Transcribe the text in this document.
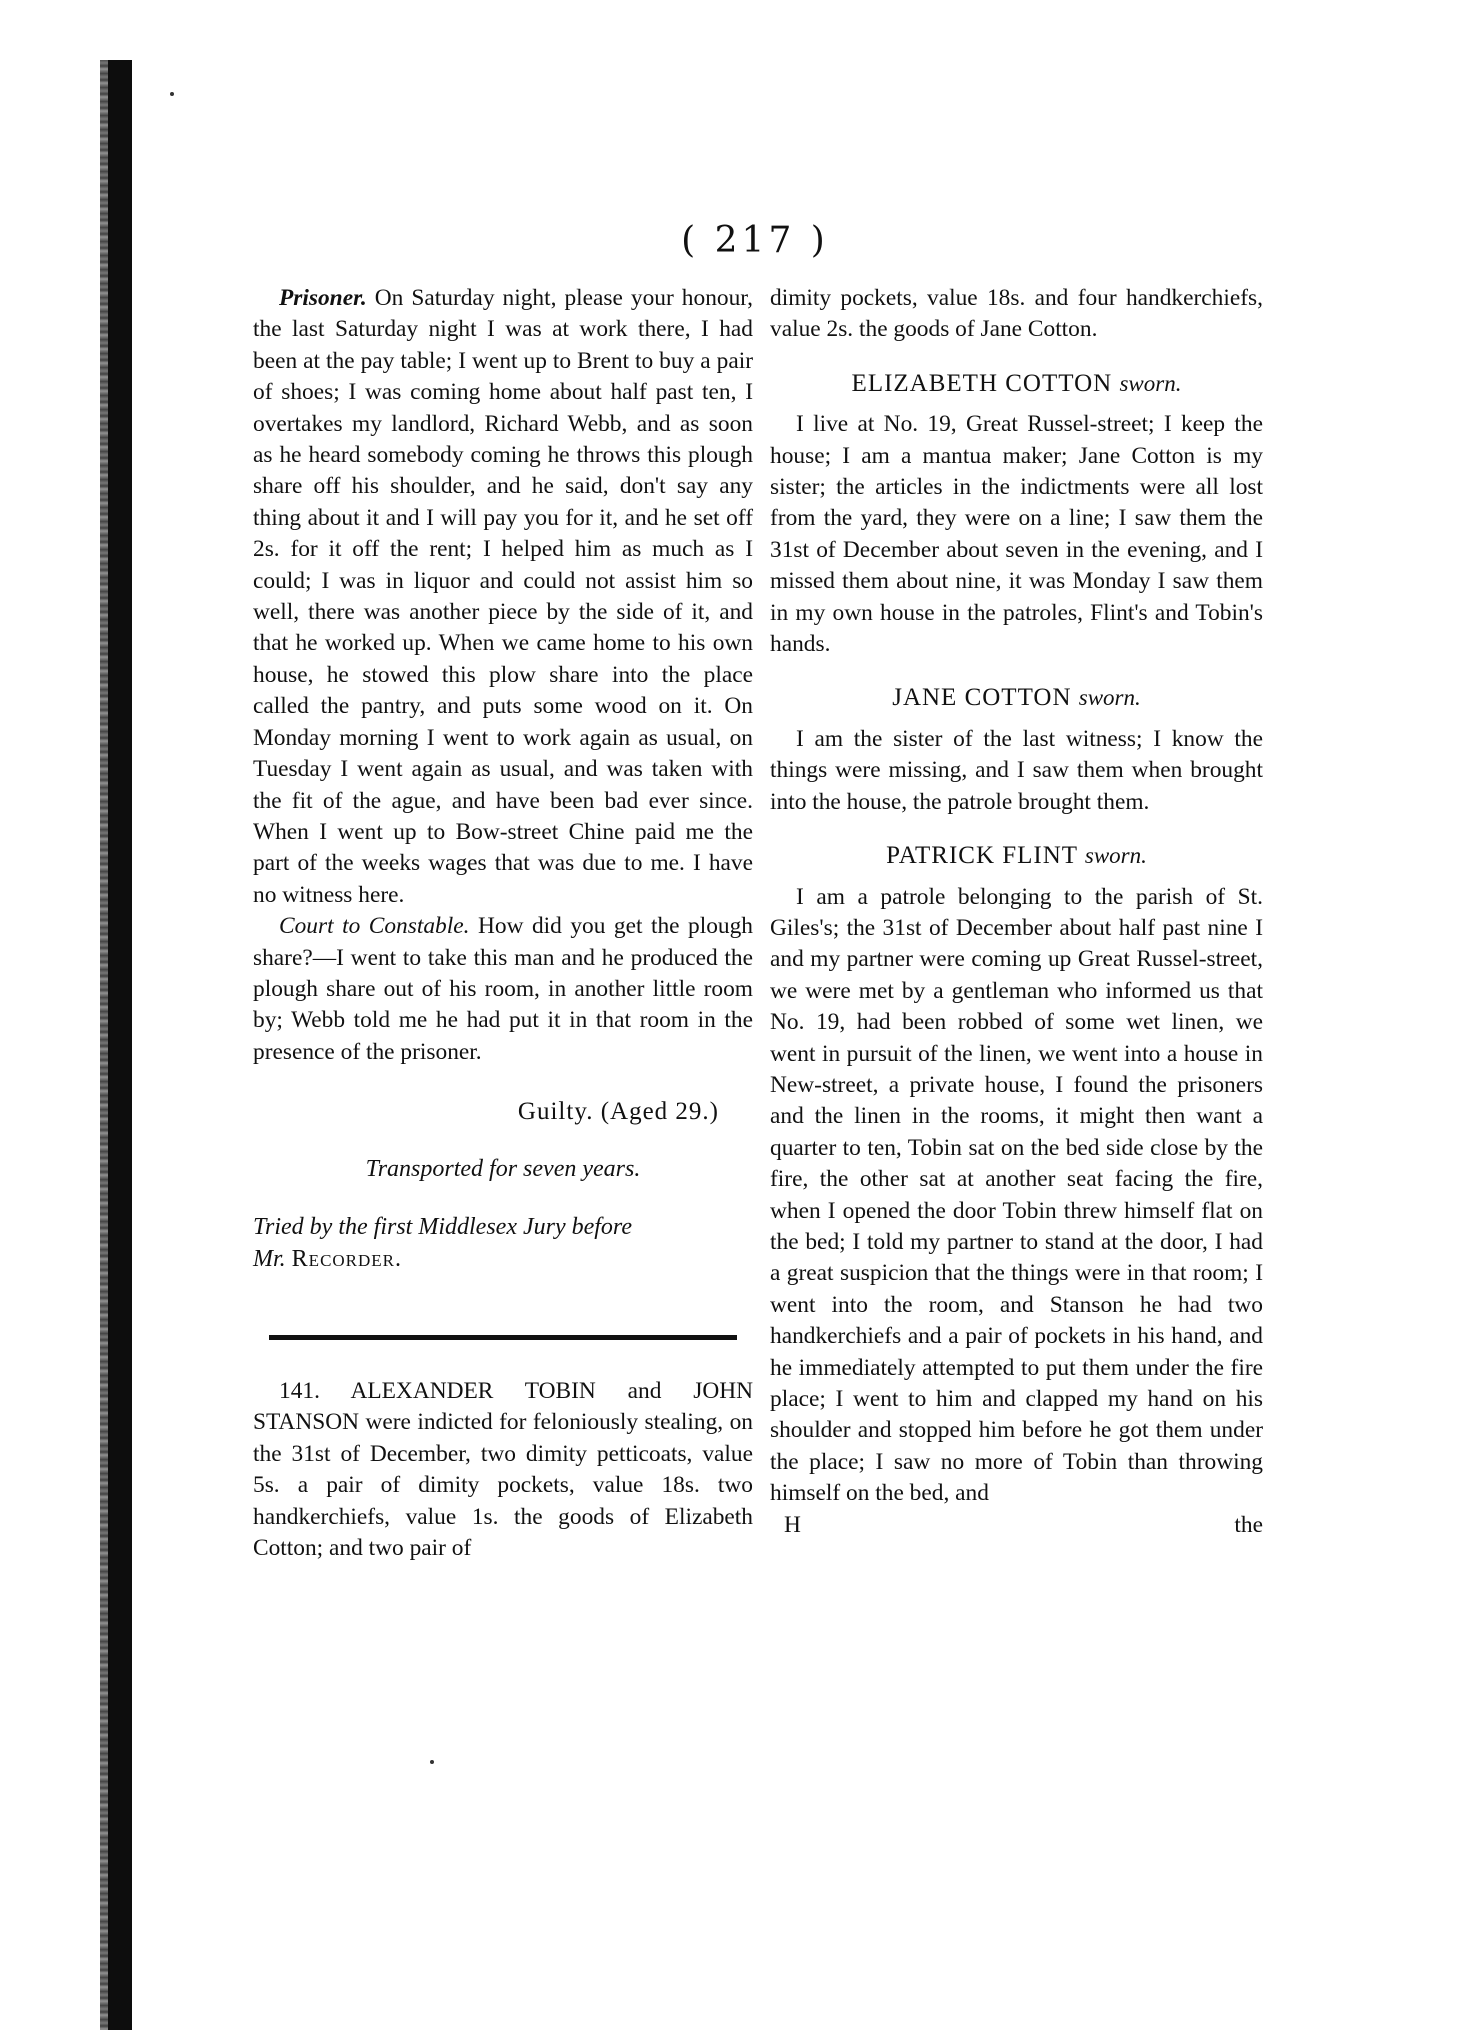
( 217 )

Prisoner. On Saturday night, please your honour, the last Saturday night I was at work there, I had been at the pay table; I went up to Brent to buy a pair of shoes; I was coming home about half past ten, I overtakes my landlord, Richard Webb, and as soon as he heard somebody coming he throws this plough share off his shoulder, and he said, don't say any thing about it and I will pay you for it, and he set off 2s. for it off the rent; I helped him as much as I could; I was in liquor and could not assist him so well, there was another piece by the side of it, and that he worked up. When we came home to his own house, he stowed this plow share into the place called the pantry, and puts some wood on it. On Monday morning I went to work again as usual, on Tuesday I went again as usual, and was taken with the fit of the ague, and have been bad ever since. When I went up to Bow-street Chine paid me the part of the weeks wages that was due to me. I have no witness here.

Court to Constable. How did you get the plough share?—I went to take this man and he produced the plough share out of his room, in another little room by; Webb told me he had put it in that room in the presence of the prisoner.

Guilty. (Aged 29.)
Transported for seven years.

Tried by the first Middlesex Jury before

Mr. Recorder.

141. ALEXANDER TOBIN and JOHN STANSON were indicted for feloniously stealing, on the 31st of December, two dimity petticoats, value 5s. a pair of dimity pockets, value 18s. two handkerchiefs, value 1s. the goods of Elizabeth Cotton; and two pair of

dimity pockets, value 18s. and four handkerchiefs, value 2s. the goods of Jane Cotton.

ELIZABETH COTTON sworn.

I live at No. 19, Great Russel-street; I keep the house; I am a mantua maker; Jane Cotton is my sister; the articles in the indictments were all lost from the yard, they were on a line; I saw them the 31st of December about seven in the evening, and I missed them about nine, it was Monday I saw them in my own house in the patroles, Flint's and Tobin's hands.

JANE COTTON sworn.

I am the sister of the last witness; I know the things were missing, and I saw them when brought into the house, the patrole brought them.

PATRICK FLINT sworn.

I am a patrole belonging to the parish of St. Giles's; the 31st of December about half past nine I and my partner were coming up Great Russel-street, we were met by a gentleman who informed us that No. 19, had been robbed of some wet linen, we went in pursuit of the linen, we went into a house in New-street, a private house, I found the prisoners and the linen in the rooms, it might then want a quarter to ten, Tobin sat on the bed side close by the fire, the other sat at another seat facing the fire, when I opened the door Tobin threw himself flat on the bed; I told my partner to stand at the door, I had a great suspicion that the things were in that room; I went into the room, and Stanson he had two handkerchiefs and a pair of pockets in his hand, and he immediately attempted to put them under the fire place; I went to him and clapped my hand on his shoulder and stopped him before he got them under the place; I saw no more of Tobin than throwing himself on the bed, and

H	the
